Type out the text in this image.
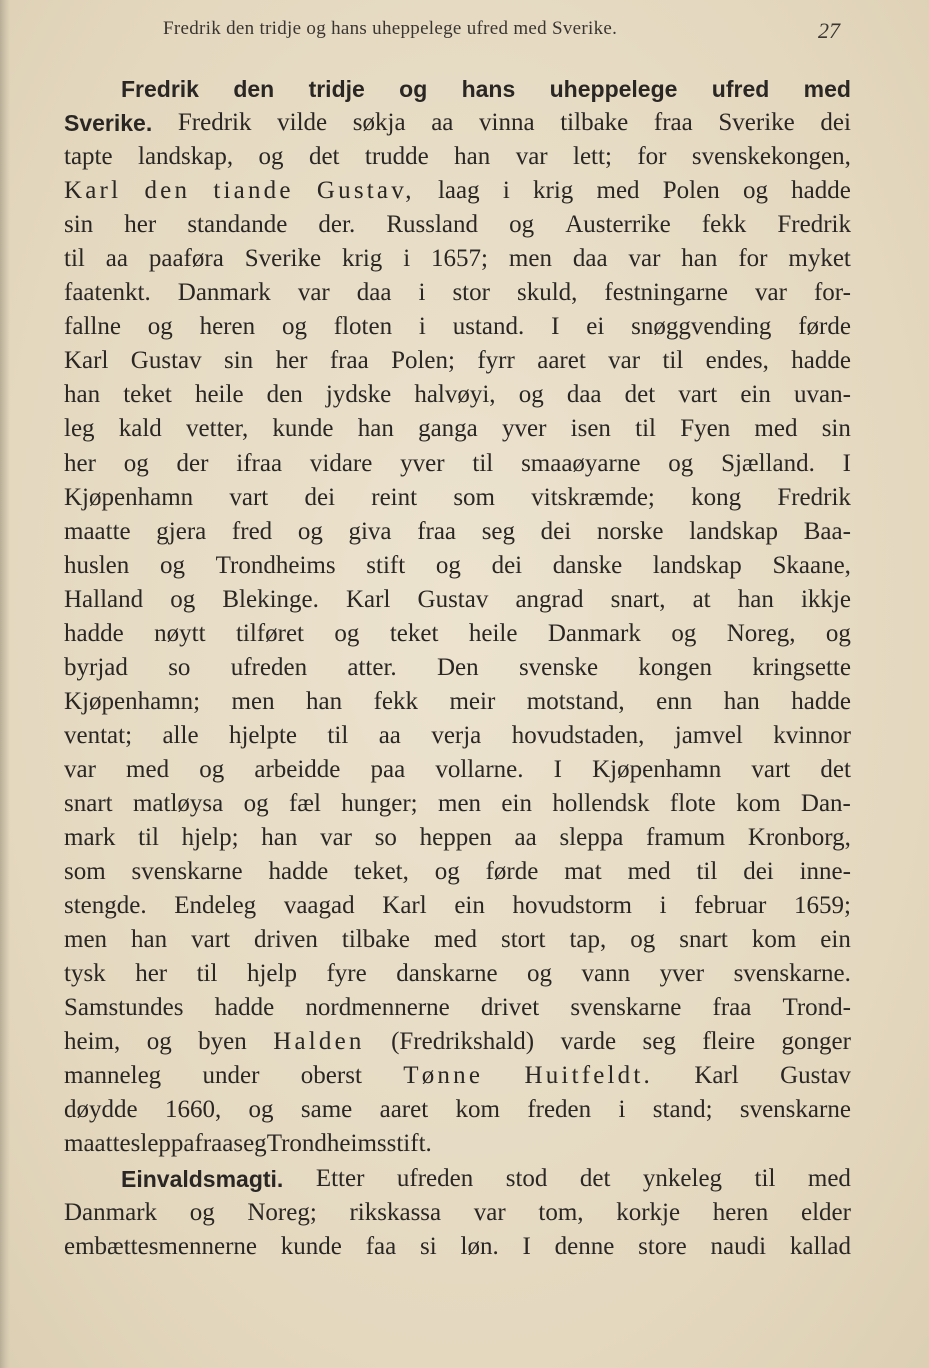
Fredrik den tridje og hans uheppelege ufred med Sverike.	27
Fredrik den tridje og hans uheppelege ufred med
Sverike. Fredrik vilde søkja aa vinna tilbake fraa Sverike dei
tapte landskap, og det trudde han var lett; for svenskekongen,
Karl den tiande Gustav, laag i krig med Polen og hadde
sin her standande der. Russland og Austerrike fekk Fredrik
til aa paaføra Sverike krig i 1657; men daa var han for myket
faatenkt. Danmark var daa i stor skuld, festningarne var for-
fallne og heren og floten i ustand. I ei snøggvending førde
Karl Gustav sin her fraa Polen; fyrr aaret var til endes, hadde
han teket heile den jydske halvøyi, og daa det vart ein uvan-
leg kald vetter, kunde han ganga yver isen til Fyen med sin
her og der ifraa vidare yver til smaaøyarne og Sjælland. I
Kjøpenhamn vart dei reint som vitskræmde; kong Fredrik
maatte gjera fred og giva fraa seg dei norske landskap Baa-
huslen og Trondheims stift og dei danske landskap Skaane,
Halland og Blekinge. Karl Gustav angrad snart, at han ikkje
hadde nøytt tilføret og teket heile Danmark og Noreg, og
byrjad so ufreden atter. Den svenske kongen kringsette
Kjøpenhamn; men han fekk meir motstand, enn han hadde
ventat; alle hjelpte til aa verja hovudstaden, jamvel kvinnor
var med og arbeidde paa vollarne. I Kjøpenhamn vart det
snart matløysa og fæl hunger; men ein hollendsk flote kom Dan-
mark til hjelp; han var so heppen aa sleppa framum Kronborg,
som svenskarne hadde teket, og førde mat med til dei inne-
stengde. Endeleg vaagad Karl ein hovudstorm i februar 1659;
men han vart driven tilbake med stort tap, og snart kom ein
tysk her til hjelp fyre danskarne og vann yver svenskarne.
Samstundes hadde nordmennerne drivet svenskarne fraa Trond-
heim, og byen Halden (Fredrikshald) varde seg fleire gonger
manneleg under oberst Tønne Huitfeldt. Karl Gustav
døydde 1660, og same aaret kom freden i stand; svenskarne
maatte sleppa fraa seg Trondheims stift.
Einvaldsmagti. Etter ufreden stod det ynkeleg til med
Danmark og Noreg; rikskassa var tom, korkje heren elder
embættesmennerne kunde faa si løn. I denne store naudi kallad
